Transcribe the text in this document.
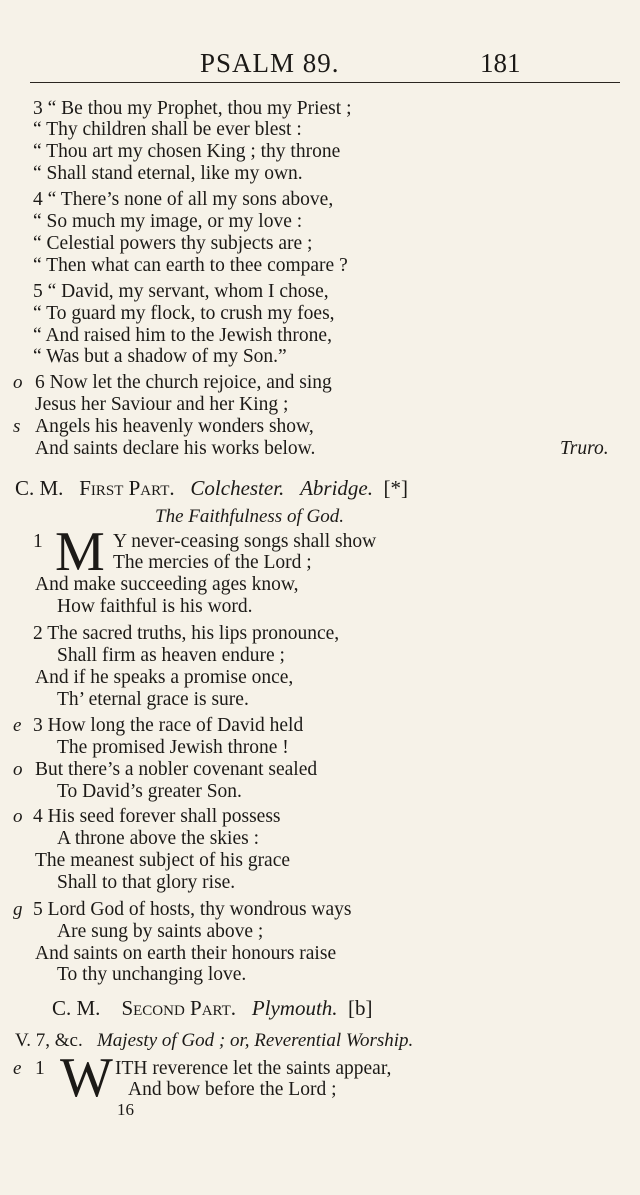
PSALM 89.	181
3 “ Be thou my Prophet, thou my Priest ;
“ Thy children shall be ever blest :
“ Thou art my chosen King ; thy throne
“ Shall stand eternal, like my own.
4 “ There’s none of all my sons above,
“ So much my image, or my love :
“ Celestial powers thy subjects are ;
“ Then what can earth to thee compare ?
5 “ David, my servant, whom I chose,
“ To guard my flock, to crush my foes,
“ And raised him to the Jewish throne,
“ Was but a shadow of my Son.”
o 6 Now let the church rejoice, and sing
Jesus her Saviour and her King ;
s Angels his heavenly wonders show,
And saints declare his works below.	Truro.
C. M. First Part. Colchester. Abridge. [*]
The Faithfulness of God.
1 M Y never-ceasing songs shall show
The mercies of the Lord ;
And make succeeding ages know,
How faithful is his word.
2 The sacred truths, his lips pronounce,
Shall firm as heaven endure ;
And if he speaks a promise once,
Th’ eternal grace is sure.
e 3 How long the race of David held
The promised Jewish throne !
o But there’s a nobler covenant sealed
To David’s greater Son.
o 4 His seed forever shall possess
A throne above the skies :
The meanest subject of his grace
Shall to that glory rise.
g 5 Lord God of hosts, thy wondrous ways
Are sung by saints above ;
And saints on earth their honours raise
To thy unchanging love.
C. M. Second Part. Plymouth. [b]
V. 7, &c. Majesty of God ; or, Reverential Worship.
e 1 W ITH reverence let the saints appear,
And bow before the Lord ;
16
